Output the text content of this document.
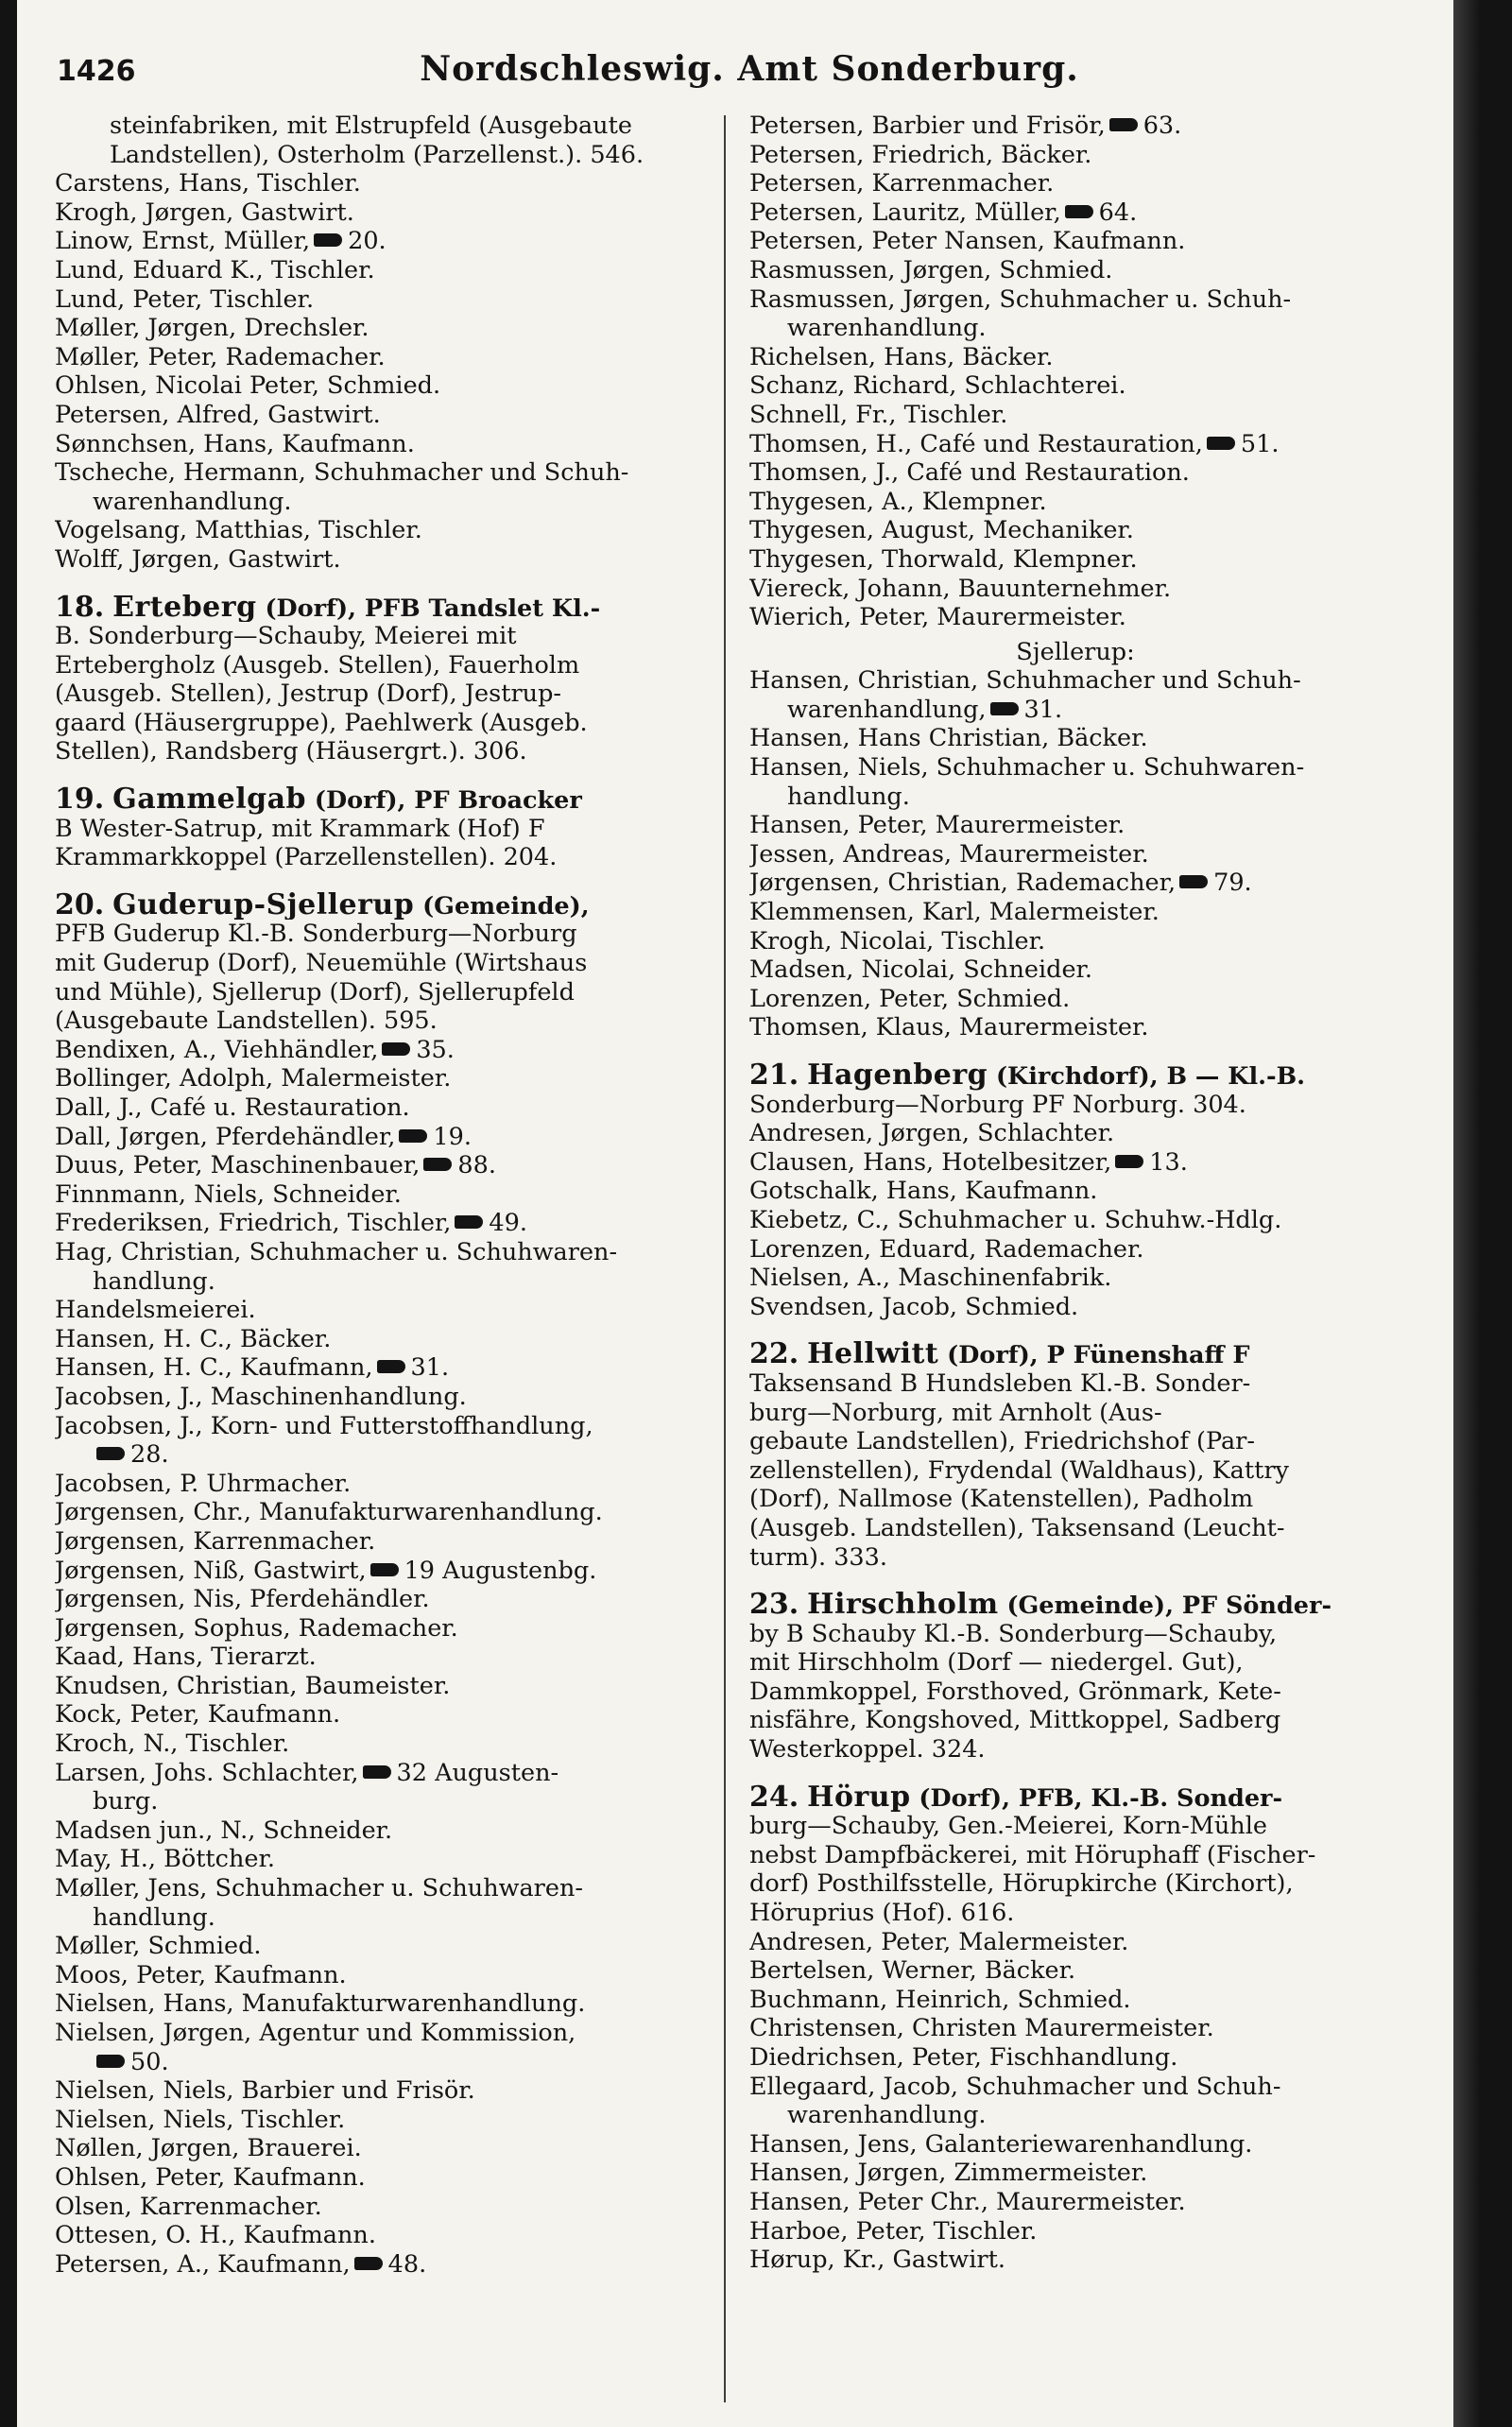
1426	Nordschleswig. Amt Sonderburg.
steinfabriken, mit Elstrupfeld (Ausgebaute
Landstellen), Osterholm (Parzellenst.). 546.
Carstens, Hans, Tischler.
Krogh, Jørgen, Gastwirt.
Linow, Ernst, Müller, 20.
Lund, Eduard K., Tischler.
Lund, Peter, Tischler.
Møller, Jørgen, Drechsler.
Møller, Peter, Rademacher.
Ohlsen, Nicolai Peter, Schmied.
Petersen, Alfred, Gastwirt.
Sønnchsen, Hans, Kaufmann.
Tscheche, Hermann, Schuhmacher und Schuh-
warenhandlung.
Vogelsang, Matthias, Tischler.
Wolff, Jørgen, Gastwirt.
18. Erteberg (Dorf), PFB Tandslet Kl.-
B. Sonderburg—Schauby, Meierei mit
Ertebergholz (Ausgeb. Stellen), Fauerholm
(Ausgeb. Stellen), Jestrup (Dorf), Jestrup-
gaard (Häusergruppe), Paehlwerk (Ausgeb.
Stellen), Randsberg (Häusergrt.). 306.
19. Gammelgab (Dorf), PF Broacker
B Wester-Satrup, mit Krammark (Hof) F
Krammarkkoppel (Parzellenstellen). 204.
20. Guderup-Sjellerup (Gemeinde),
PFB Guderup Kl.-B. Sonderburg—Norburg
mit Guderup (Dorf), Neuemühle (Wirtshaus
und Mühle), Sjellerup (Dorf), Sjellerupfeld
(Ausgebaute Landstellen). 595.
Bendixen, A., Viehhändler, 35.
Bollinger, Adolph, Malermeister.
Dall, J., Café u. Restauration.
Dall, Jørgen, Pferdehändler, 19.
Duus, Peter, Maschinenbauer, 88.
Finnmann, Niels, Schneider.
Frederiksen, Friedrich, Tischler, 49.
Hag, Christian, Schuhmacher u. Schuhwaren-
handlung.
Handelsmeierei.
Hansen, H. C., Bäcker.
Hansen, H. C., Kaufmann, 31.
Jacobsen, J., Maschinenhandlung.
Jacobsen, J., Korn- und Futterstoffhandlung,
28.
Jacobsen, P. Uhrmacher.
Jørgensen, Chr., Manufakturwarenhandlung.
Jørgensen, Karrenmacher.
Jørgensen, Niß, Gastwirt, 19 Augustenbg.
Jørgensen, Nis, Pferdehändler.
Jørgensen, Sophus, Rademacher.
Kaad, Hans, Tierarzt.
Knudsen, Christian, Baumeister.
Kock, Peter, Kaufmann.
Kroch, N., Tischler.
Larsen, Johs. Schlachter, 32 Augusten-
burg.
Madsen jun., N., Schneider.
May, H., Böttcher.
Møller, Jens, Schuhmacher u. Schuhwaren-
handlung.
Møller, Schmied.
Moos, Peter, Kaufmann.
Nielsen, Hans, Manufakturwarenhandlung.
Nielsen, Jørgen, Agentur und Kommission,
50.
Nielsen, Niels, Barbier und Frisör.
Nielsen, Niels, Tischler.
Nøllen, Jørgen, Brauerei.
Ohlsen, Peter, Kaufmann.
Olsen, Karrenmacher.
Ottesen, O. H., Kaufmann.
Petersen, A., Kaufmann, 48.
Petersen, Barbier und Frisör, 63.
Petersen, Friedrich, Bäcker.
Petersen, Karrenmacher.
Petersen, Lauritz, Müller, 64.
Petersen, Peter Nansen, Kaufmann.
Rasmussen, Jørgen, Schmied.
Rasmussen, Jørgen, Schuhmacher u. Schuh-
warenhandlung.
Richelsen, Hans, Bäcker.
Schanz, Richard, Schlachterei.
Schnell, Fr., Tischler.
Thomsen, H., Café und Restauration, 51.
Thomsen, J., Café und Restauration.
Thygesen, A., Klempner.
Thygesen, August, Mechaniker.
Thygesen, Thorwald, Klempner.
Viereck, Johann, Bauunternehmer.
Wierich, Peter, Maurermeister.
Sjellerup:
Hansen, Christian, Schuhmacher und Schuh-
warenhandlung, 31.
Hansen, Hans Christian, Bäcker.
Hansen, Niels, Schuhmacher u. Schuhwaren-
handlung.
Hansen, Peter, Maurermeister.
Jessen, Andreas, Maurermeister.
Jørgensen, Christian, Rademacher, 79.
Klemmensen, Karl, Malermeister.
Krogh, Nicolai, Tischler.
Madsen, Nicolai, Schneider.
Lorenzen, Peter, Schmied.
Thomsen, Klaus, Maurermeister.
21. Hagenberg (Kirchdorf), B — Kl.-B.
Sonderburg—Norburg PF Norburg. 304.
Andresen, Jørgen, Schlachter.
Clausen, Hans, Hotelbesitzer, 13.
Gotschalk, Hans, Kaufmann.
Kiebetz, C., Schuhmacher u. Schuhw.-Hdlg.
Lorenzen, Eduard, Rademacher.
Nielsen, A., Maschinenfabrik.
Svendsen, Jacob, Schmied.
22. Hellwitt (Dorf), P Fünenshaff F
Taksensand B Hundsleben Kl.-B. Sonder-
burg—Norburg, mit Arnholt (Aus-
gebaute Landstellen), Friedrichshof (Par-
zellenstellen), Frydendal (Waldhaus), Kattry
(Dorf), Nallmose (Katenstellen), Padholm
(Ausgeb. Landstellen), Taksensand (Leucht-
turm). 333.
23. Hirschholm (Gemeinde), PF Sönder-
by B Schauby Kl.-B. Sonderburg—Schauby,
mit Hirschholm (Dorf — niedergel. Gut),
Dammkoppel, Forsthoved, Grönmark, Kete-
nisfähre, Kongshoved, Mittkoppel, Sadberg
Westerkoppel. 324.
24. Hörup (Dorf), PFB, Kl.-B. Sonder-
burg—Schauby, Gen.-Meierei, Korn-Mühle
nebst Dampfbäckerei, mit Höruphaff (Fischer-
dorf) Posthilfsstelle, Hörupkirche (Kirchort),
Höruprius (Hof). 616.
Andresen, Peter, Malermeister.
Bertelsen, Werner, Bäcker.
Buchmann, Heinrich, Schmied.
Christensen, Christen Maurermeister.
Diedrichsen, Peter, Fischhandlung.
Ellegaard, Jacob, Schuhmacher und Schuh-
warenhandlung.
Hansen, Jens, Galanteriewarenhandlung.
Hansen, Jørgen, Zimmermeister.
Hansen, Peter Chr., Maurermeister.
Harboe, Peter, Tischler.
Hørup, Kr., Gastwirt.
